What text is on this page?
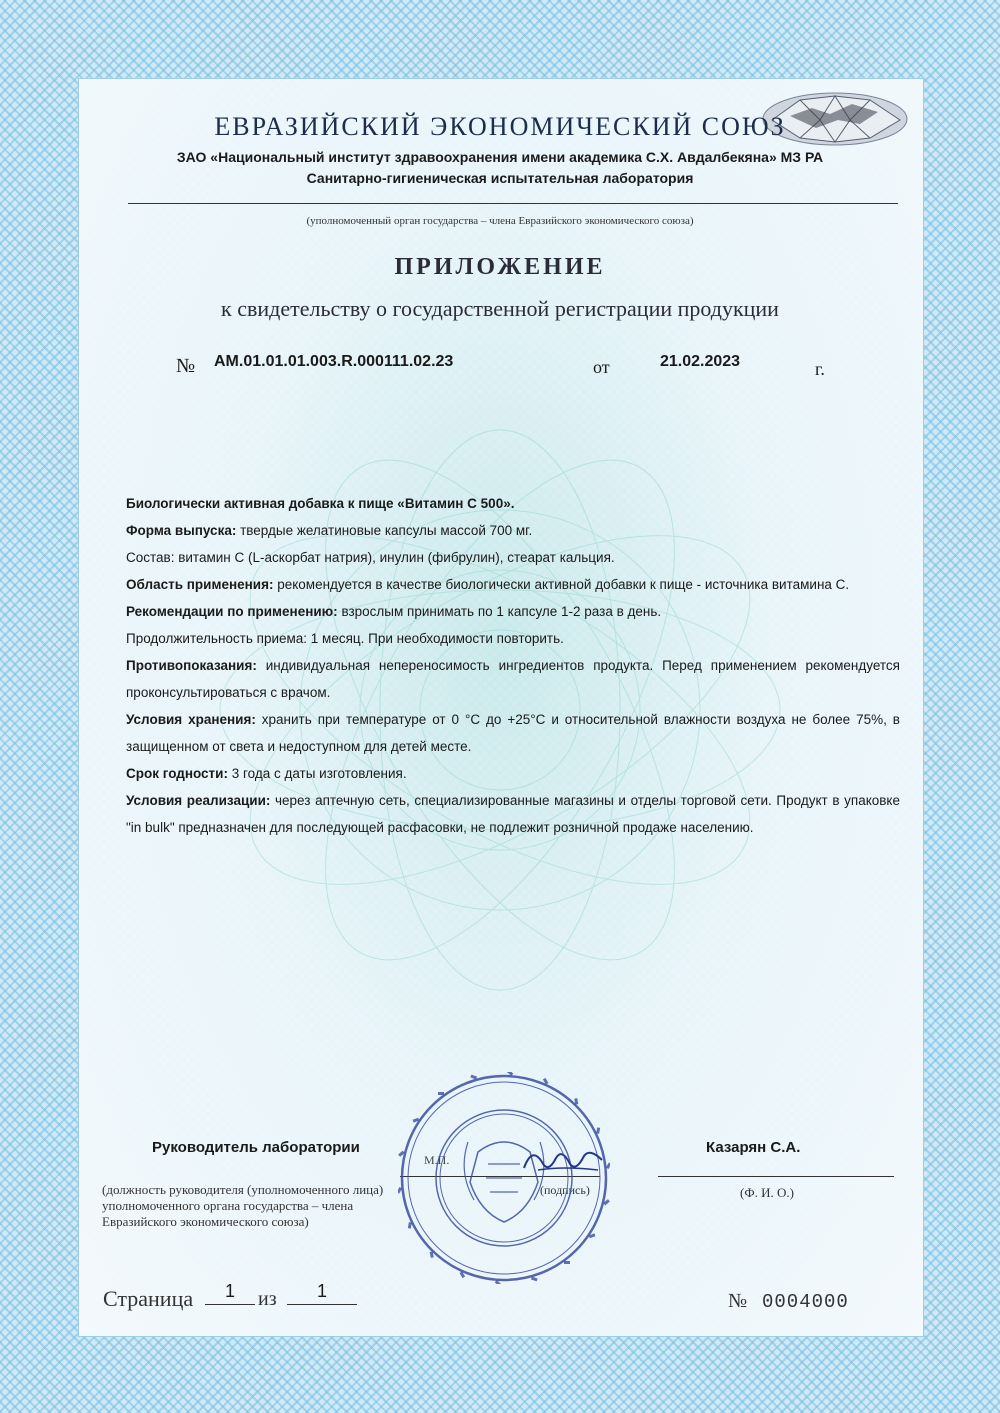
ЕВРАЗИЙСКИЙ ЭКОНОМИЧЕСКИЙ СОЮЗ
ЗАО «Национальный институт здравоохранения имени академика С.Х. Авдалбекяна» МЗ РА
Санитарно-гигиеническая испытательная лаборатория
(уполномоченный орган государства – члена Евразийского экономического союза)
ПРИЛОЖЕНИЕ
к свидетельству о государственной регистрации продукции
№ AM.01.01.01.003.R.000111.02.23	от	21.02.2023	г.

Биологически активная добавка к пище «Витамин С 500».

Форма выпуска: твердые желатиновые капсулы массой 700 мг.

Состав: витамин С (L-аскорбат натрия), инулин (фибрулин), стеарат кальция.

Область применения: рекомендуется в качестве биологически активной добавки к пище - источника витамина С.

Рекомендации по применению: взрослым принимать по 1 капсуле 1-2 раза в день.

Продолжительность приема: 1 месяц. При необходимости повторить.

Противопоказания: индивидуальная непереносимость ингредиентов продукта. Перед применением рекомендуется проконсультироваться с врачом.

Условия хранения: хранить при температуре от 0 °С до +25°С и относительной влажности воздуха не более 75%, в защищенном от света и недоступном для детей месте.

Срок годности: 3 года с даты изготовления.

Условия реализации: через аптечную сеть, специализированные магазины и отделы торговой сети. Продукт в упаковке "in bulk" предназначен для последующей расфасовки, не подлежит розничной продаже населению.

Руководитель лаборатории
М.П.
Казарян С.А.
(подпись)	(Ф. И. О.)
(должность руководителя (уполномоченного лица) уполномоченного органа государства – члена Евразийского экономического союза)
Страница	1	из	1	№ 0004000
